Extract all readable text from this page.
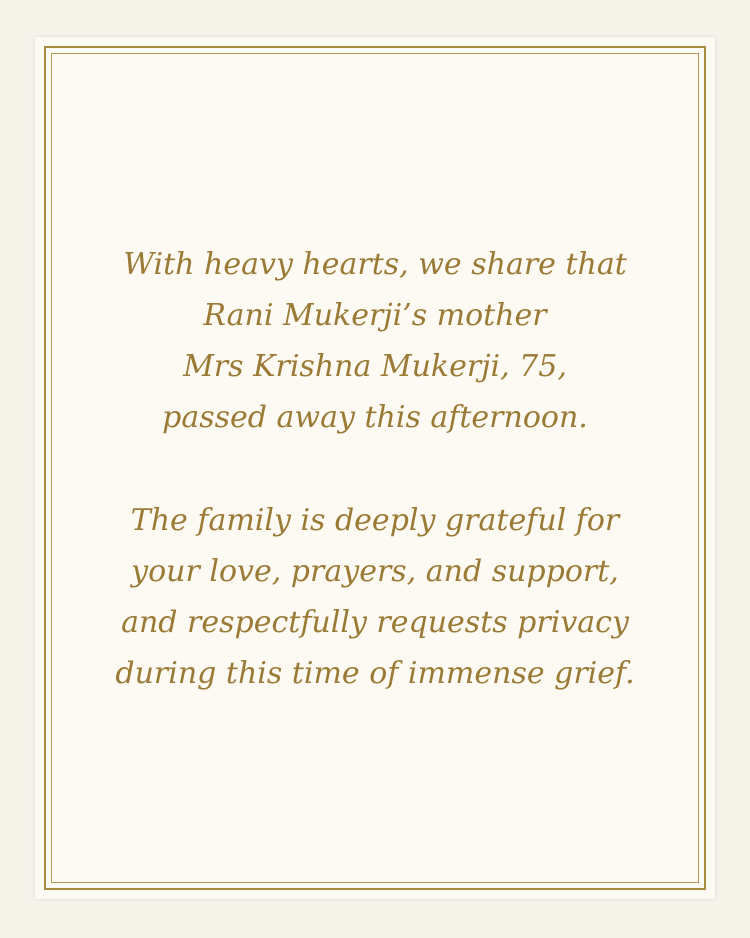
With heavy hearts, we share that

Rani Mukerji’s mother

Mrs Krishna Mukerji, 75,

passed away this afternoon.

The family is deeply grateful for

your love, prayers, and support,

and respectfully requests privacy

during this time of immense grief.
